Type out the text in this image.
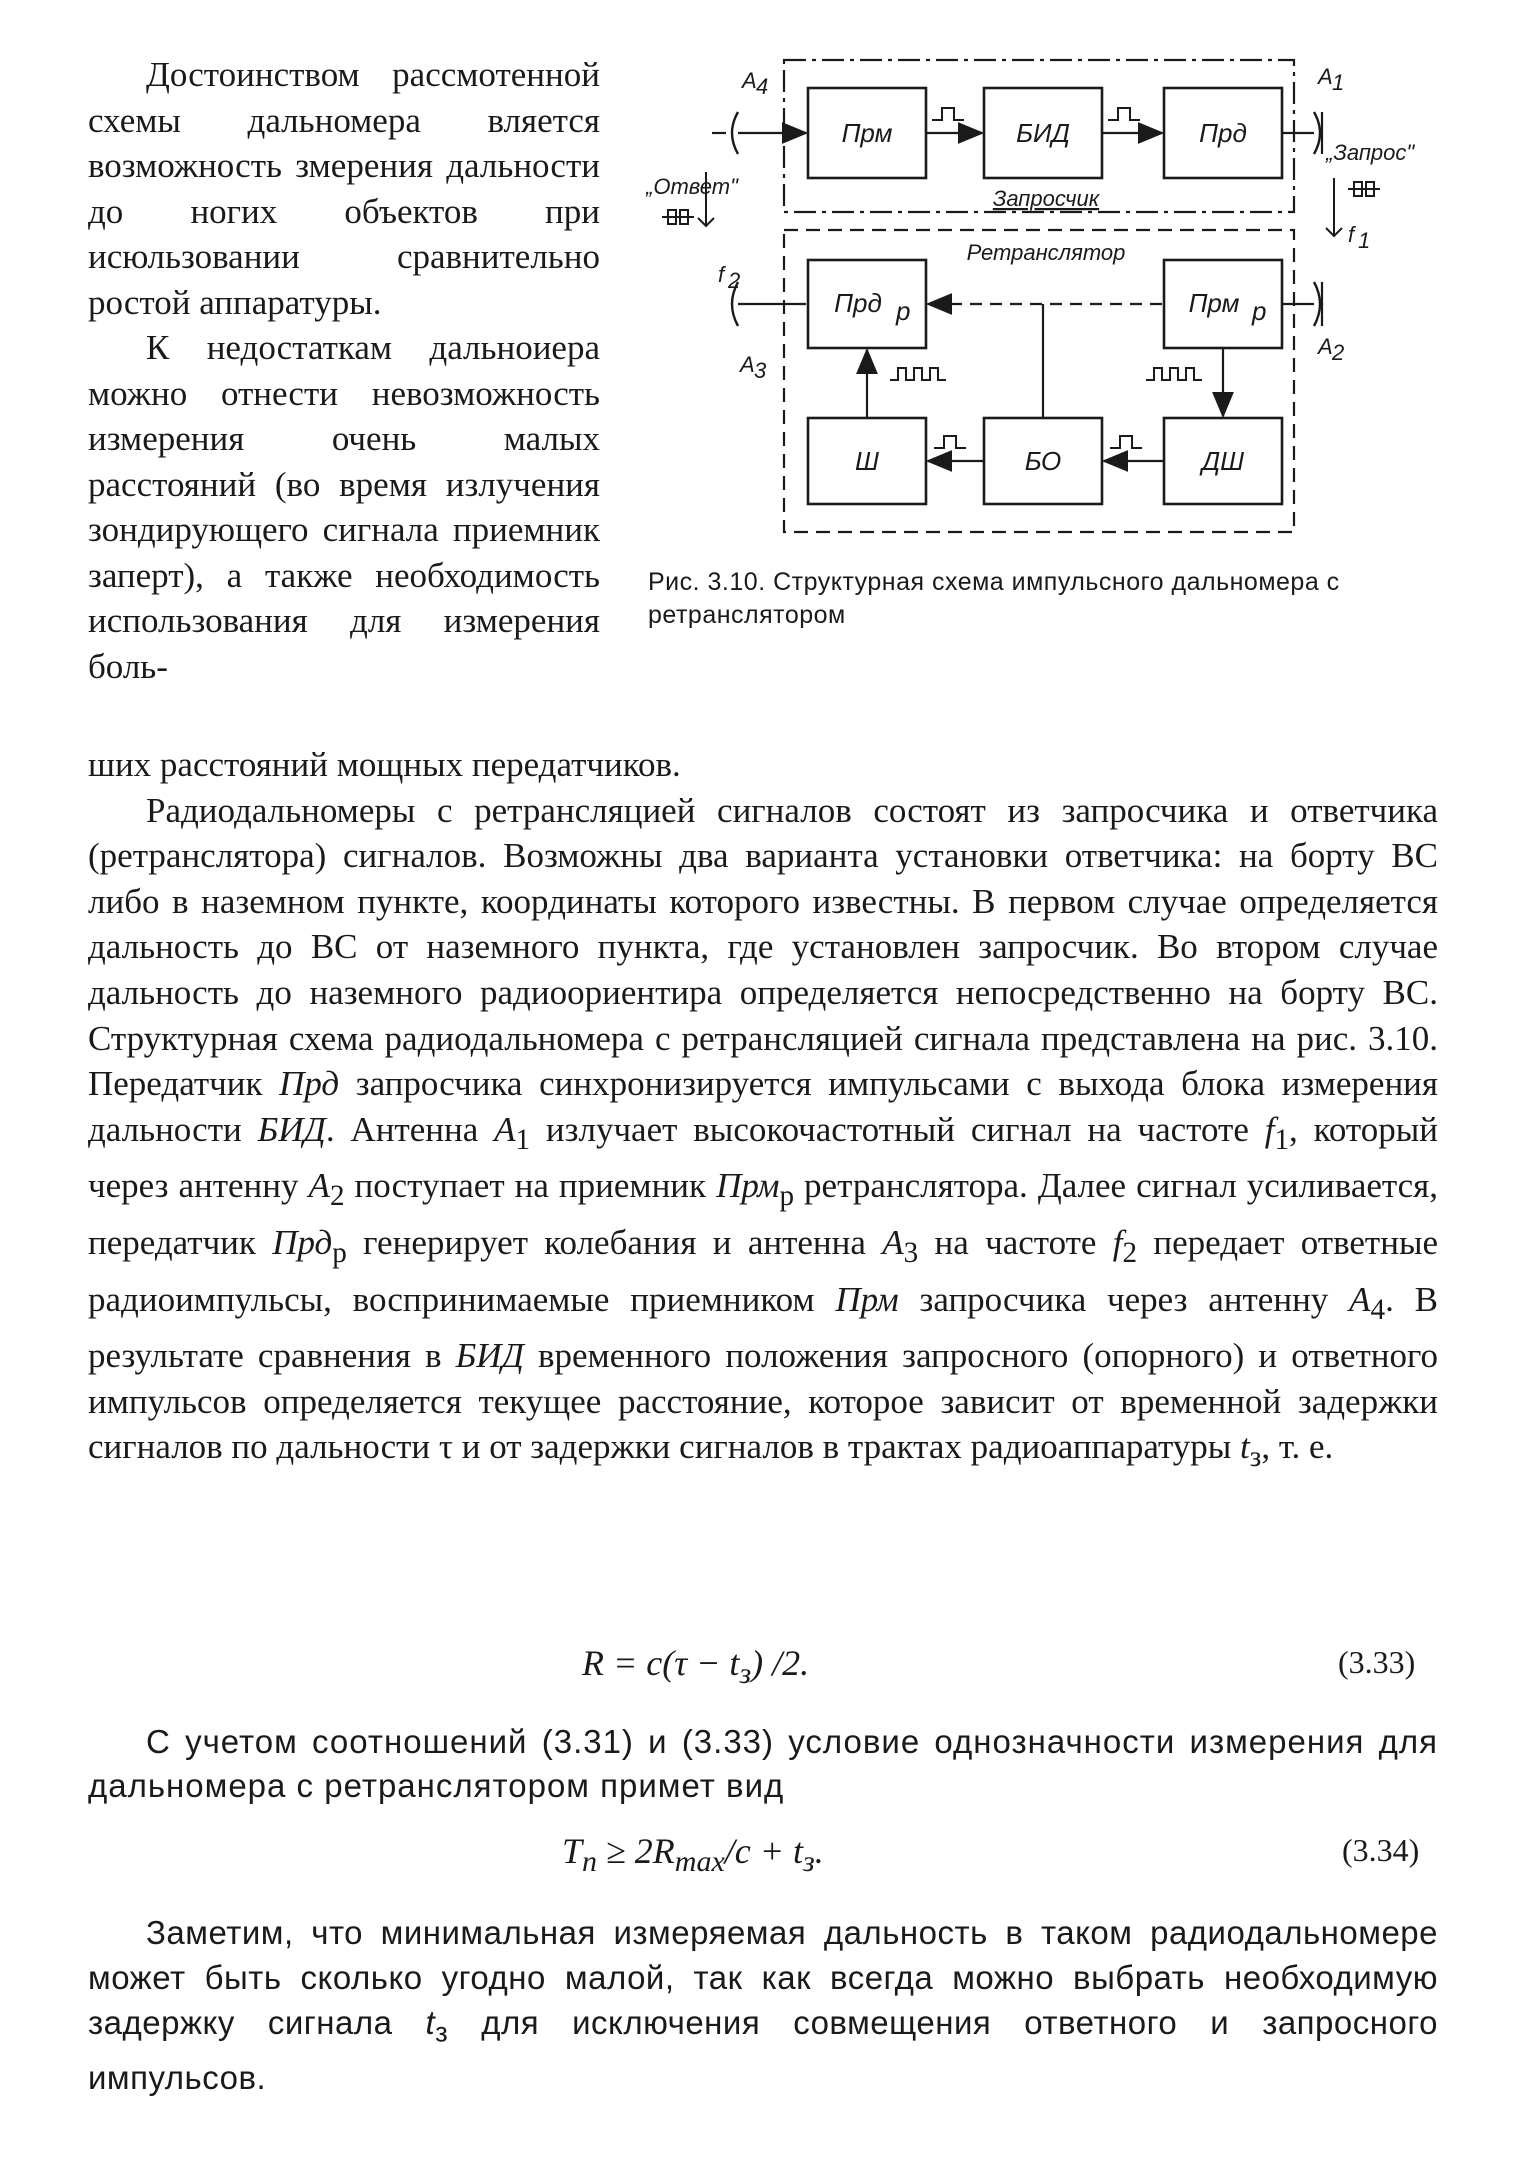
Достоинством рассмотенной схемы дальномера вляется возможность змерения дальности до ногих объектов при исюльзовании сравнительно ростой аппаратуры.

К недостаткам дальноиера можно отнести невозможность измерения очень малых расстояний (во время излучения зондирующего сигнала приемник заперт), а также необходимость использования для измерения боль-

Прм	БИД	Прд
Прд р	Прм р
Ш	БО	ДШ
Запросчик
Ретранслятор
„Ответ"
„Запрос"
A 4	A 1
A 3
A 2
f 2
f 1
Рис. 3.10. Структурная схема импульсного дальномера с ретранслятором

ших расстояний мощных передатчиков.

Радиодальномеры с ретрансляцией сигналов состоят из запросчика и ответчика (ретранслятора) сигналов. Возможны два варианта установки ответчика: на борту ВС либо в наземном пункте, координаты которого известны. В первом случае определяется дальность до ВС от наземного пункта, где установлен запросчик. Во втором случае дальность до наземного радиоориентира определяется непосредственно на борту ВС. Структурная схема радиодальномера с ретрансляцией сигнала представлена на рис. 3.10. Передатчик Прд запросчика синхронизируется импульсами с выхода блока измерения дальности БИД. Антенна $A_1$ излучает высокочастотный сигнал на частоте $f_1$, который через антенну $A_2$ поступает на приемник Прм$_р$ ретранслятора. Далее сигнал усиливается, передатчик Прд$_р$ генерирует колебания и антенна $A_3$ на частоте $f_2$ передает ответные радиоимпульсы, воспринимаемые приемником Прм запросчика через антенну $A_4$. В результате сравнения в БИД временного положения запросного (опорного) и ответного импульсов определяется текущее расстояние, которое зависит от временной задержки сигналов по дальности τ и от задержки сигналов в трактах радиоаппаратуры $t_з$, т. е.

$R = c(\tau - t_з)$ /2.	(3.33)

С учетом соотношений (3.31) и (3.33) условие однозначности измерения для дальномера с ретранслятором примет вид

$T_п \ge 2R_{max}/c + t_з$.	(3.34)

Заметим, что минимальная измеряемая дальность в таком радиодальномере может быть сколько угодно малой, так как всегда можно выбрать необходимую задержку сигнала $t_з$ для исключения совмещения ответного и запросного импульсов.
